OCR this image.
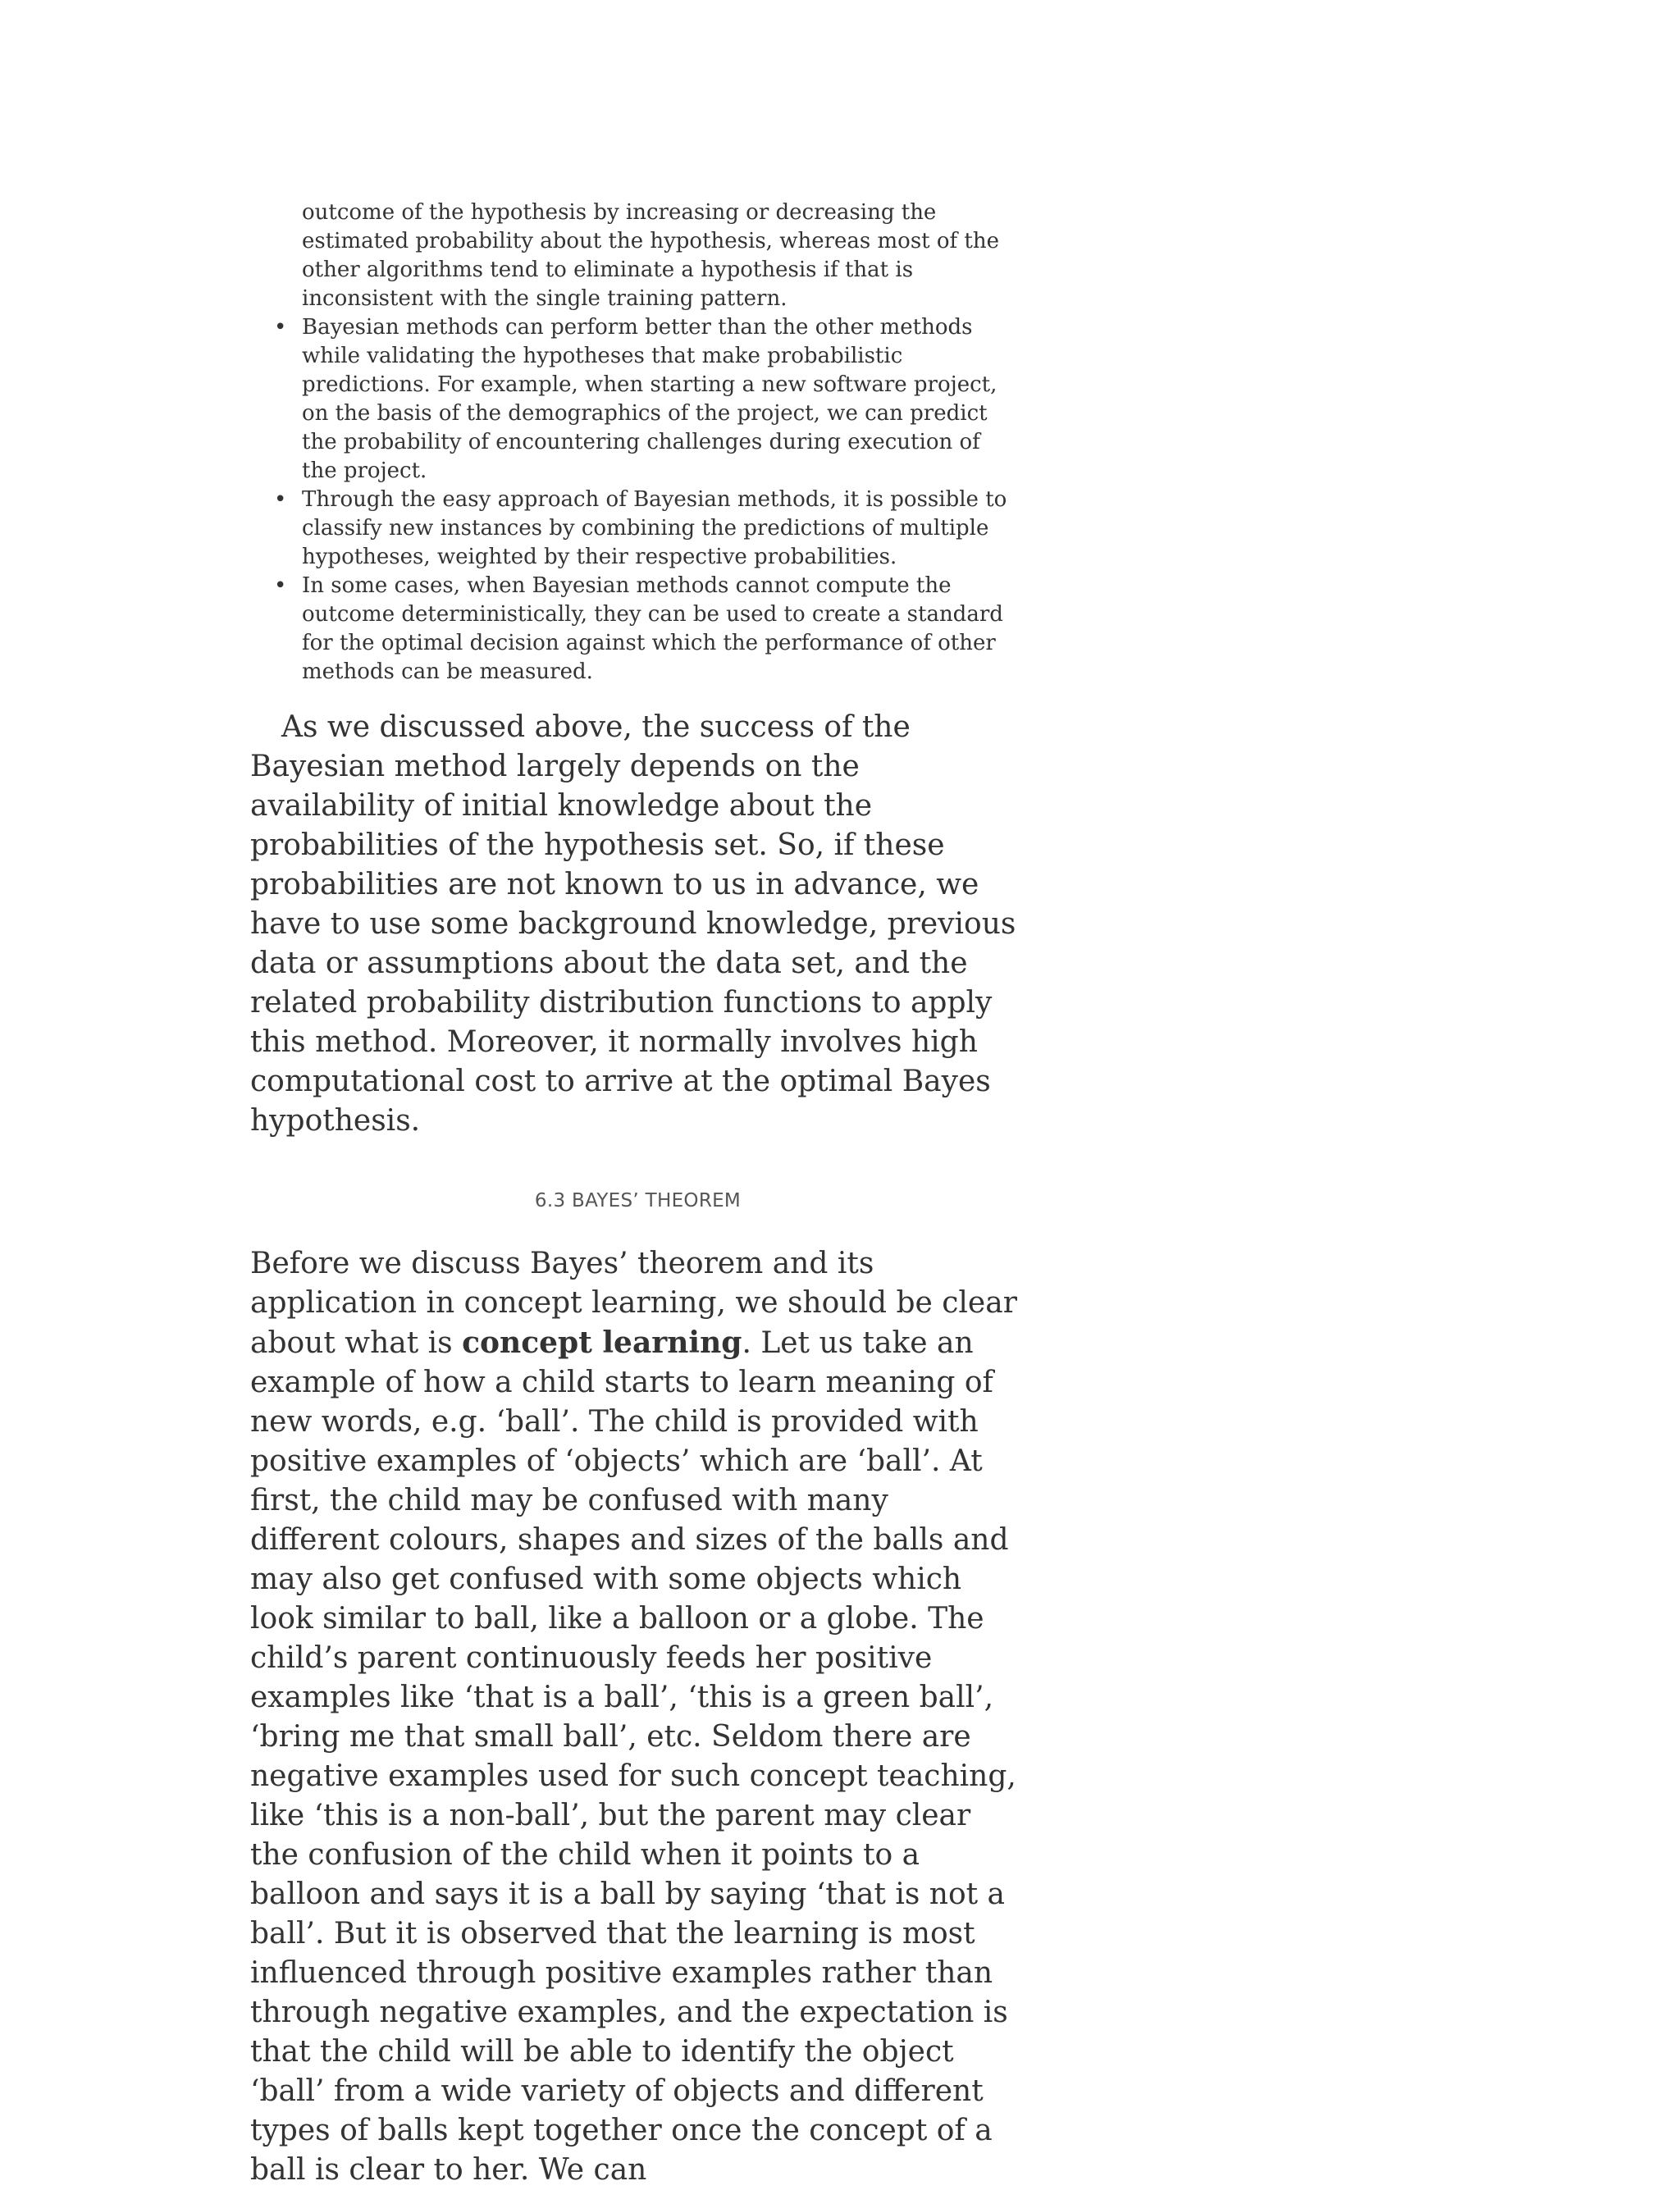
outcome of the hypothesis by increasing or decreasing the estimated probability about the hypothesis, whereas most of the other algorithms tend to eliminate a hypothesis if that is inconsistent with the single training pattern.

• Bayesian methods can perform better than the other methods while validating the hypotheses that make probabilistic predictions. For example, when starting a new software project, on the basis of the demographics of the project, we can predict the probability of encountering challenges during execution of the project.
• Through the easy approach of Bayesian methods, it is possible to classify new instances by combining the predictions of multiple hypotheses, weighted by their respective probabilities.
• In some cases, when Bayesian methods cannot compute the outcome deterministically, they can be used to create a standard for the optimal decision against which the performance of other methods can be measured.

As we discussed above, the success of the Bayesian method largely depends on the availability of initial knowledge about the probabilities of the hypothesis set. So, if these probabilities are not known to us in advance, we have to use some background knowledge, previous data or assumptions about the data set, and the related probability distribution functions to apply this method. Moreover, it normally involves high computational cost to arrive at the optimal Bayes hypothesis.

6.3 BAYES’ THEOREM

Before we discuss Bayes’ theorem and its application in concept learning, we should be clear about what is concept learning. Let us take an example of how a child starts to learn meaning of new words, e.g. ‘ball’. The child is provided with positive examples of ‘objects’ which are ‘ball’. At first, the child may be confused with many different colours, shapes and sizes of the balls and may also get confused with some objects which look similar to ball, like a balloon or a globe. The child’s parent continuously feeds her positive examples like ‘that is a ball’, ‘this is a green ball’, ‘bring me that small ball’, etc. Seldom there are negative examples used for such concept teaching, like ‘this is a non-ball’, but the parent may clear the confusion of the child when it points to a balloon and says it is a ball by saying ‘that is not a ball’. But it is observed that the learning is most influenced through positive examples rather than through negative examples, and the expectation is that the child will be able to identify the object ‘ball’ from a wide variety of objects and different types of balls kept together once the concept of a ball is clear to her. We can
